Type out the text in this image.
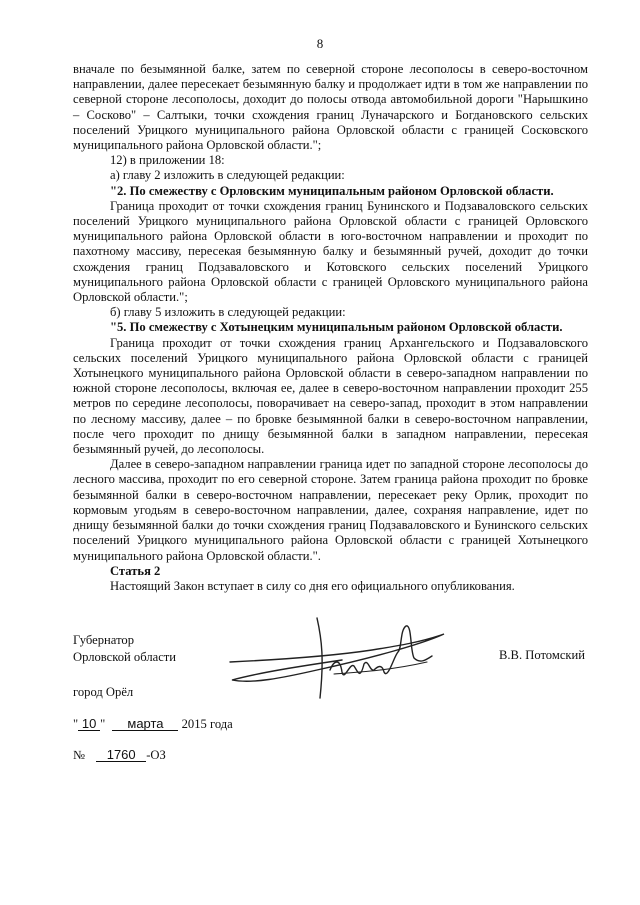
8

вначале по безымянной балке, затем по северной стороне лесополосы в северо-восточном направлении, далее пересекает безымянную балку и продолжает идти в том же направлении по северной стороне лесополосы, доходит до полосы отвода автомобильной дороги "Нарышкино – Сосково" – Салтыки, точки схождения границ Луначарского и Богдановского сельских поселений Урицкого муниципального района Орловской области с границей Сосковского муниципального района Орловской области.";

12) в приложении 18:

а) главу 2 изложить в следующей редакции:

"2. По смежеству с Орловским муниципальным районом Орловской области.

Граница проходит от точки схождения границ Бунинского и Подзаваловского сельских поселений Урицкого муниципального района Орловской области с границей Орловского муниципального района Орловской области в юго-восточном направлении и проходит по пахотному массиву, пересекая безымянную балку и безымянный ручей, доходит до точки схождения границ Подзаваловского и Котовского сельских поселений Урицкого муниципального района Орловской области с границей Орловского муниципального района Орловской области.";

б) главу 5 изложить в следующей редакции:

"5. По смежеству с Хотынецким муниципальным районом Орловской области.

Граница проходит от точки схождения границ Архангельского и Подзаваловского сельских поселений Урицкого муниципального района Орловской области с границей Хотынецкого муниципального района Орловской области в северо-западном направлении по южной стороне лесополосы, включая ее, далее в северо-восточном направлении проходит 255 метров по середине лесополосы, поворачивает на северо-запад, проходит в этом направлении по лесному массиву, далее – по бровке безымянной балки в северо-восточном направлении, после чего проходит по днищу безымянной балки в западном направлении, пересекая безымянный ручей, до лесополосы.

Далее в северо-западном направлении граница идет по западной стороне лесополосы до лесного массива, проходит по его северной стороне. Затем граница района проходит по бровке безымянной балки в северо-восточном направлении, пересекает реку Орлик, проходит по кормовым угодьям в северо-восточном направлении, далее, сохраняя направление, идет по днищу безымянной балки до точки схождения границ Подзаваловского и Бунинского сельских поселений Урицкого муниципального района Орловской области с границей Хотынецкого муниципального района Орловской области.".

Статья 2
Настоящий Закон вступает в силу со дня его официального опубликования.
Губернатор
Орловской области	В.В. Потомский
город Орёл
" 10 " марта 2015 года
№ 1760 -ОЗ
